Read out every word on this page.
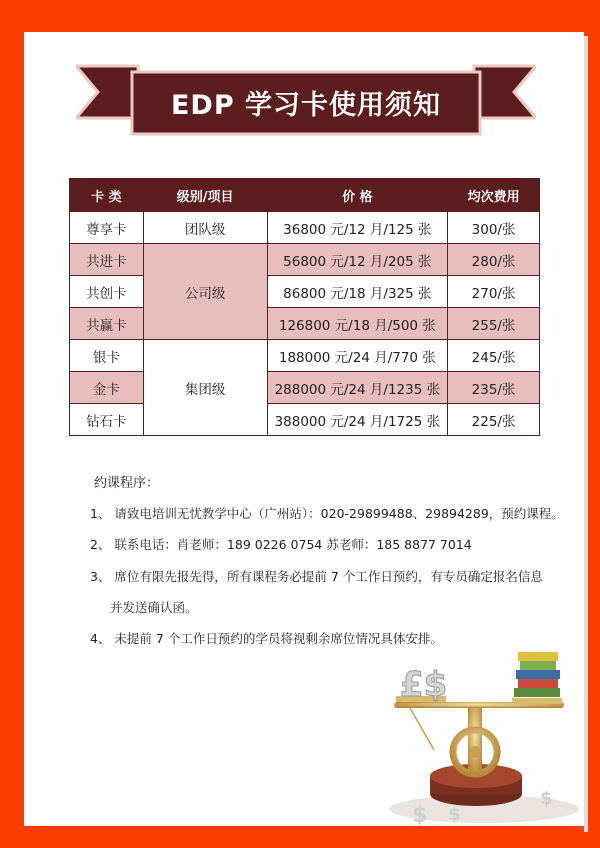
EDP 学习卡使用须知
卡 类	级别/项目	价 格	均次费用
尊享卡	团队级	36800 元/12 月/125 张	300/张
共进卡	公司级	56800 元/12 月/205 张	280/张
共创卡		86800 元/18 月/325 张	270/张
共赢卡		126800 元/18 月/500 张	255/张
银卡	集团级	188000 元/24 月/770 张	245/张
金卡		288000 元/24 月/1235 张	235/张
钻石卡		388000 元/24 月/1725 张	225/张
约课程序：
1、 请致电培训无忧教学中心（广州站）：020-29899488、29894289，预约课程。
2、 联系电话：肖老师：189 0226 0754 苏老师：185 8877 7014
3、 席位有限先报先得，所有课程务必提前 7 个工作日预约，有专员确定报名信息
并发送确认函。
4、 未提前 7 个工作日预约的学员将视剩余席位情况具体安排。
£$
$ $
$
